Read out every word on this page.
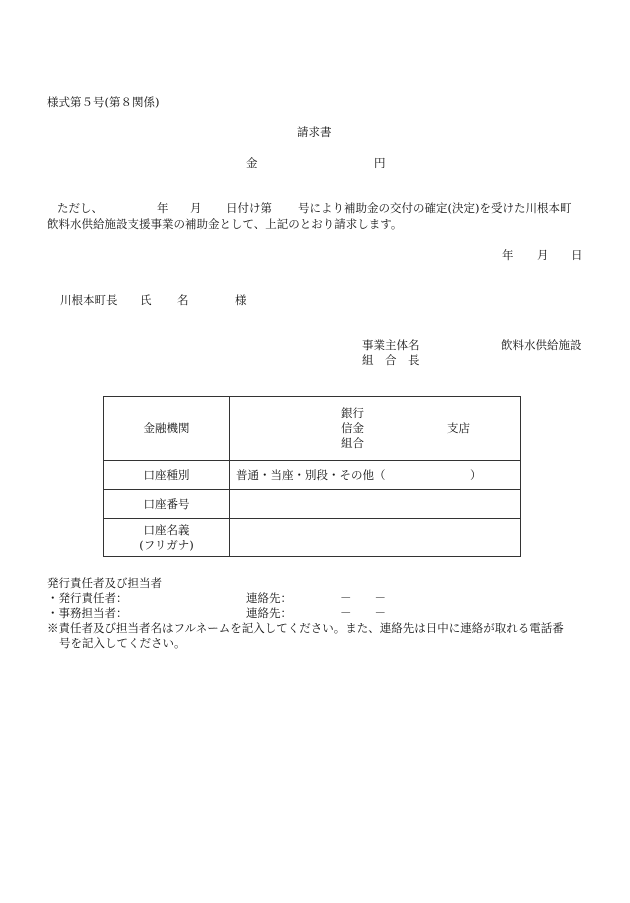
様式第５号(第８関係)
請求書
金	円
ただし、	年 月 日付け第 号により補助金の交付の確定(決定)を受けた川根本町
飲料水供給施設支援事業の補助金として、上記のとおり請求します。
年 月 日
川根本町長 氏 名	様
事業主体名	飲料水供給施設
組　合　長
金融機関	銀行
信金
組合
支店

口座種別	普通・当座・別段・その他（ ）

口座番号	

口座名義
(フリガナ)	

発行責任者及び担当者
・発行責任者：	連絡先：	－　　－
・事務担当者：	連絡先：	－　　－
※責任者及び担当者名はフルネームを記入してください。また、連絡先は日中に連絡が取れる電話番
号を記入してください。
